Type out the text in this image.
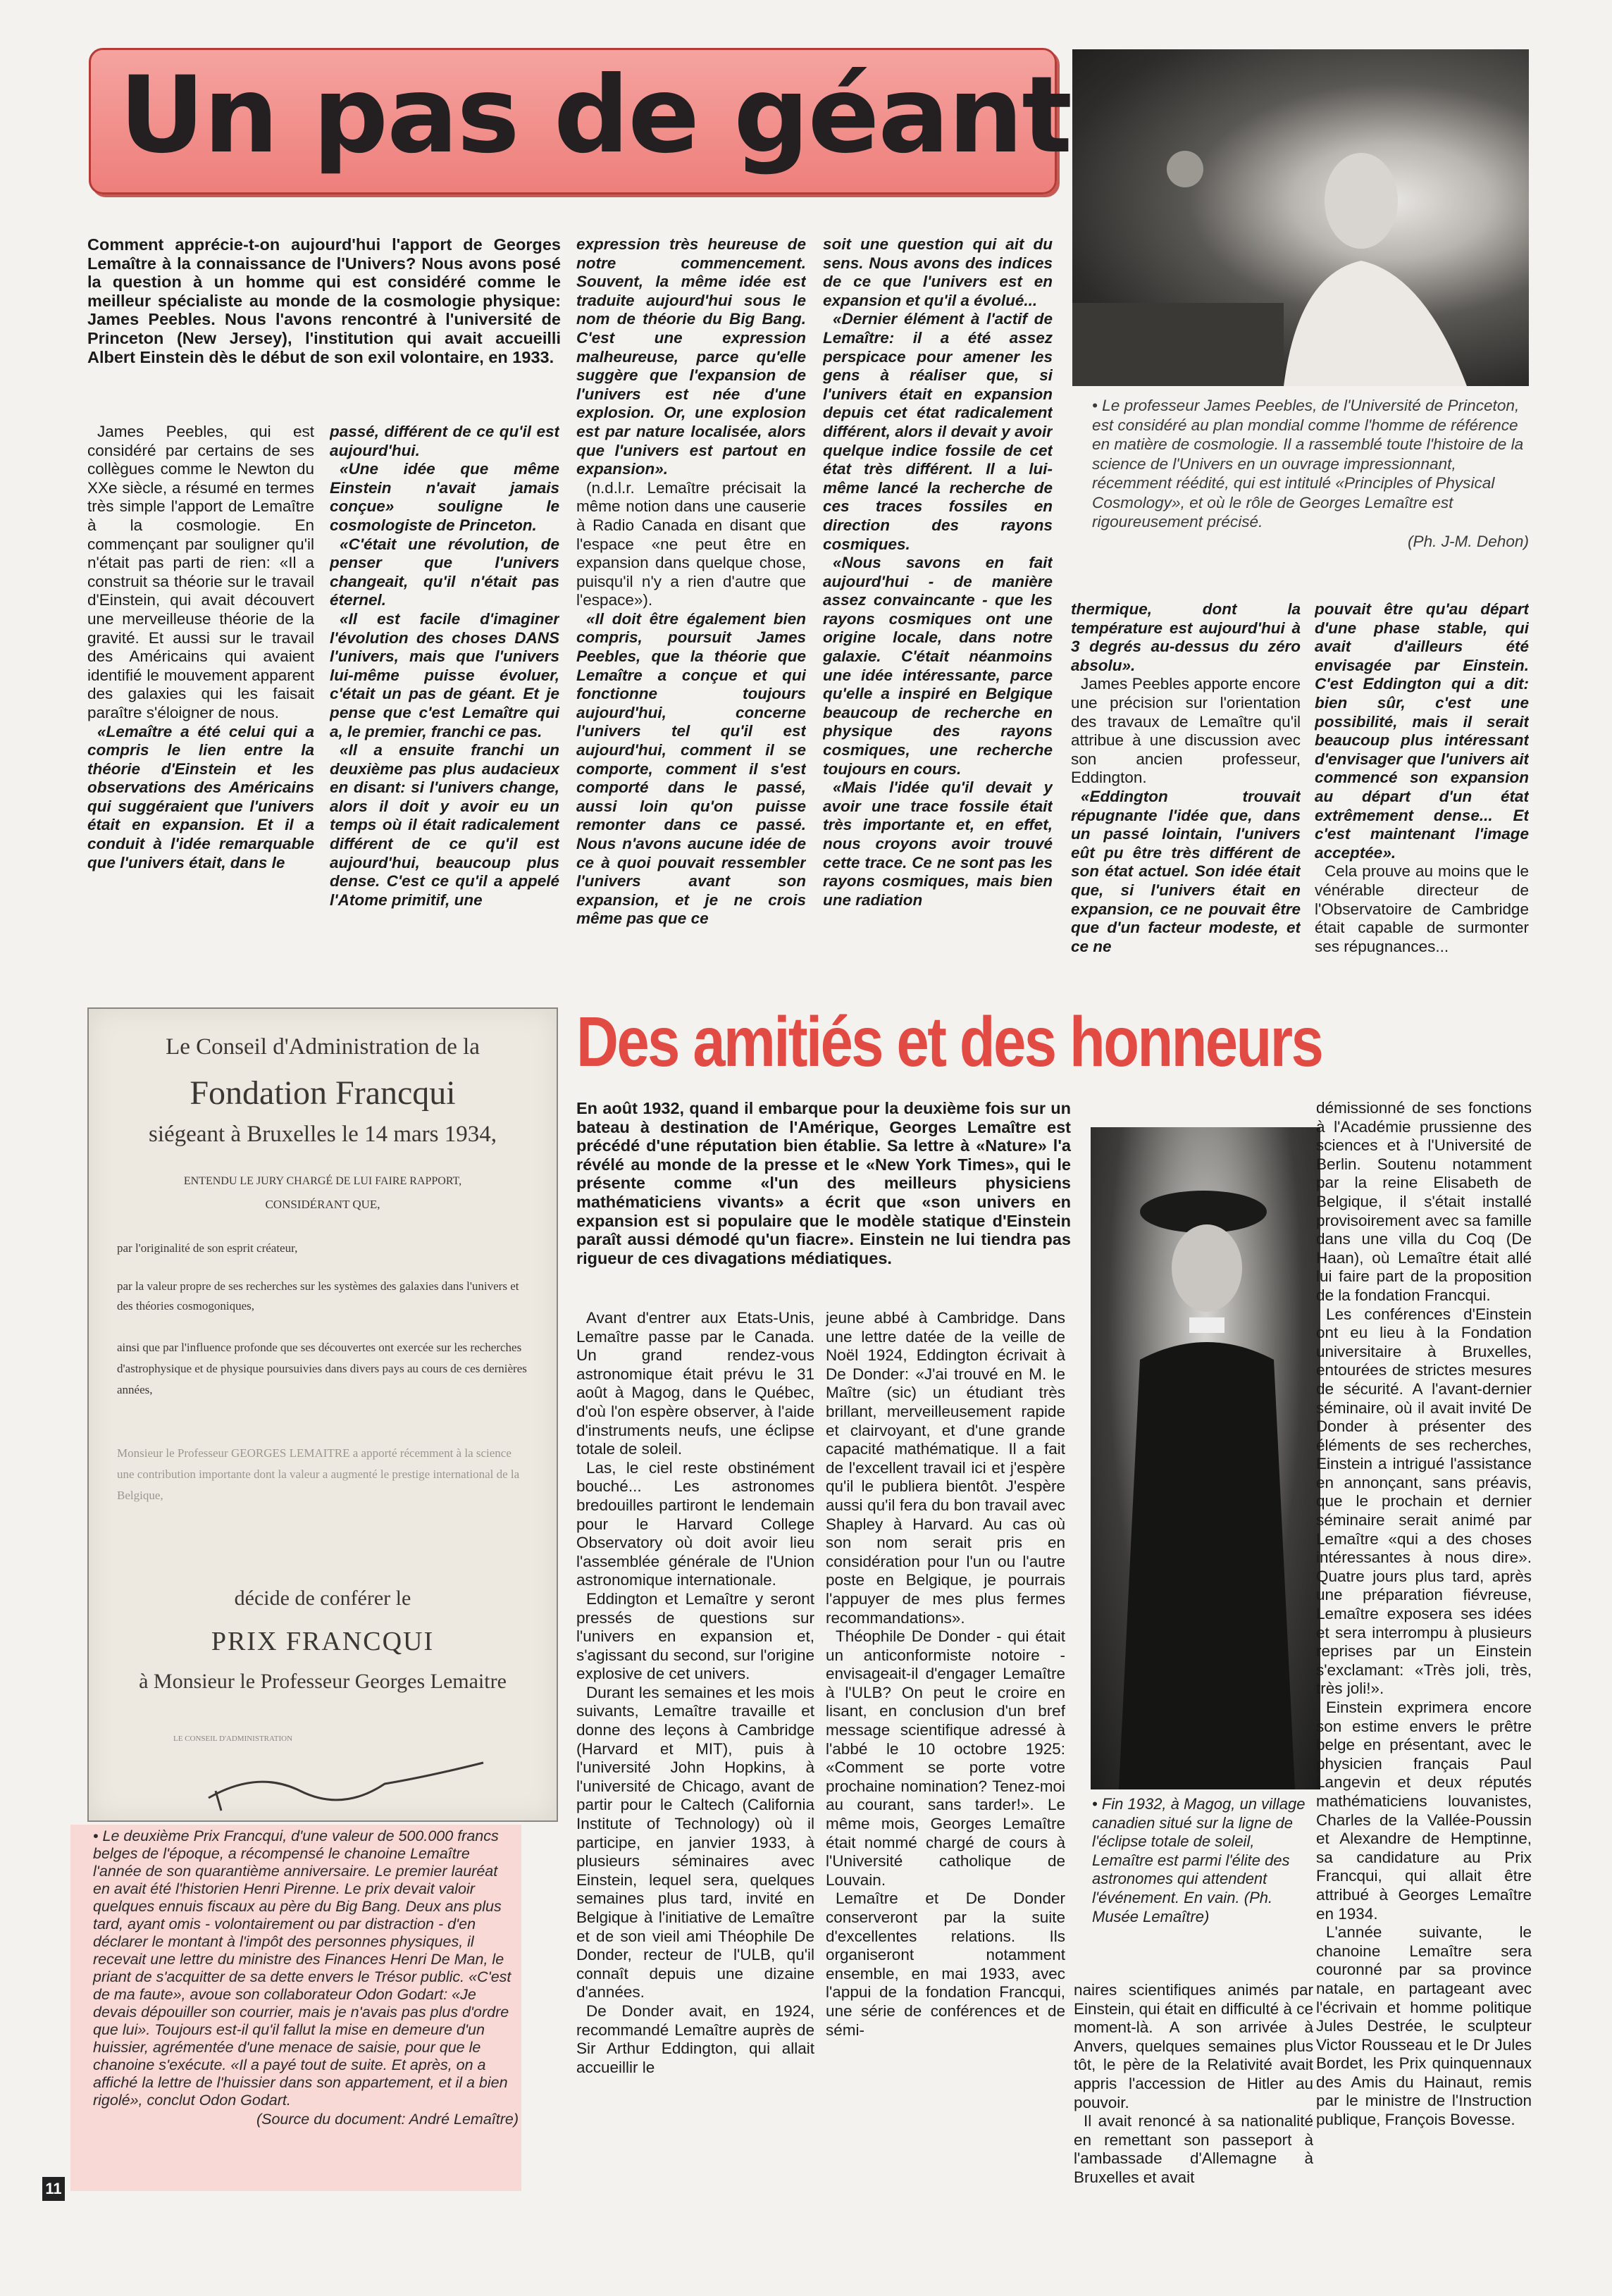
Un pas de géant
• Le professeur James Peebles, de l'Université de Princeton, est considéré au plan mondial comme l'homme de référence en matière de cosmologie. Il a rassemblé toute l'histoire de la science de l'Univers en un ouvrage impressionnant, récemment réédité, qui est intitulé «Principles of Physical Cosmology», et où le rôle de Georges Lemaître est rigoureusement précisé.
(Ph. J-M. Dehon)
Comment apprécie-t-on aujourd'hui l'apport de Georges Lemaître à la connaissance de l'Univers? Nous avons posé la question à un homme qui est considéré comme le meilleur spécialiste au monde de la cosmologie physique: James Peebles. Nous l'avons rencontré à l'université de Princeton (New Jersey), l'institution qui avait accueilli Albert Einstein dès le début de son exil volontaire, en 1933.

James Peebles, qui est considéré par certains de ses collègues comme le Newton du XXe siècle, a résumé en termes très simple l'apport de Lemaître à la cosmologie. En commençant par souligner qu'il n'était pas parti de rien: «Il a construit sa théorie sur le travail d'Einstein, qui avait découvert une merveilleuse théorie de la gravité. Et aussi sur le travail des Américains qui avaient identifié le mouvement apparent des galaxies qui les faisait paraître s'éloigner de nous.

«Lemaître a été celui qui a compris le lien entre la théorie d'Einstein et les observations des Américains qui suggéraient que l'univers était en expansion. Et il a conduit à l'idée remarquable que l'univers était, dans le

passé, différent de ce qu'il est aujourd'hui.

«Une idée que même Einstein n'avait jamais conçue» souligne le cosmologiste de Princeton.

«C'était une révolution, de penser que l'univers changeait, qu'il n'était pas éternel.

«Il est facile d'imaginer l'évolution des choses DANS l'univers, mais que l'univers lui-même puisse évoluer, c'était un pas de géant. Et je pense que c'est Lemaître qui a, le premier, franchi ce pas.

«Il a ensuite franchi un deuxième pas plus audacieux en disant: si l'univers change, alors il doit y avoir eu un temps où il était radicalement différent de ce qu'il est aujourd'hui, beaucoup plus dense. C'est ce qu'il a appelé l'Atome primitif, une

expression très heureuse de notre commencement. Souvent, la même idée est traduite aujourd'hui sous le nom de théorie du Big Bang. C'est une expression malheureuse, parce qu'elle suggère que l'expansion de l'univers est née d'une explosion. Or, une explosion est par nature localisée, alors que l'univers est partout en expansion».

(n.d.l.r. Lemaître précisait la même notion dans une causerie à Radio Canada en disant que l'espace «ne peut être en expansion dans quelque chose, puisqu'il n'y a rien d'autre que l'espace»).

«Il doit être également bien compris, poursuit James Peebles, que la théorie que Lemaître a conçue et qui fonctionne toujours aujourd'hui, concerne l'univers tel qu'il est aujourd'hui, comment il se comporte, comment il s'est comporté dans le passé, aussi loin qu'on puisse remonter dans ce passé. Nous n'avons aucune idée de ce à quoi pouvait ressembler l'univers avant son expansion, et je ne crois même pas que ce

soit une question qui ait du sens. Nous avons des indices de ce que l'univers est en expansion et qu'il a évolué...

«Dernier élément à l'actif de Lemaître: il a été assez perspicace pour amener les gens à réaliser que, si l'univers était en expansion depuis cet état radicalement différent, alors il devait y avoir quelque indice fossile de cet état très différent. Il a lui-même lancé la recherche de ces traces fossiles en direction des rayons cosmiques.

«Nous savons en fait aujourd'hui - de manière assez convaincante - que les rayons cosmiques ont une origine locale, dans notre galaxie. C'était néanmoins une idée intéressante, parce qu'elle a inspiré en Belgique beaucoup de recherche en physique des rayons cosmiques, une recherche toujours en cours.

«Mais l'idée qu'il devait y avoir une trace fossile était très importante et, en effet, nous croyons avoir trouvé cette trace. Ce ne sont pas les rayons cosmiques, mais bien une radiation

thermique, dont la température est aujourd'hui à 3 degrés au-dessus du zéro absolu».

James Peebles apporte encore une précision sur l'orientation des travaux de Lemaître qu'il attribue à une discussion avec son ancien professeur, Eddington.

«Eddington trouvait répugnante l'idée que, dans un passé lointain, l'univers eût pu être très différent de son état actuel. Son idée était que, si l'univers était en expansion, ce ne pouvait être que d'un facteur modeste, et ce ne

pouvait être qu'au départ d'une phase stable, qui avait d'ailleurs été envisagée par Einstein. C'est Eddington qui a dit: bien sûr, c'est une possibilité, mais il serait beaucoup plus intéressant d'envisager que l'univers ait commencé son expansion au départ d'un état extrêmement dense... Et c'est maintenant l'image acceptée».

Cela prouve au moins que le vénérable directeur de l'Observatoire de Cambridge était capable de surmonter ses répugnances...

Le Conseil d'Administration de la
Fondation Francqui
siégeant à Bruxelles le 14 mars 1934,
ENTENDU LE JURY CHARGÉ DE LUI FAIRE RAPPORT,
CONSIDÉRANT QUE,
par l'originalité de son esprit créateur,
par la valeur propre de ses recherches sur les systèmes des galaxies dans l'univers et des théories cosmogoniques,
ainsi que par l'influence profonde que ses découvertes ont exercée sur les recherches d'astrophysique et de physique poursuivies dans divers pays au cours de ces dernières années,
Monsieur le Professeur GEORGES LEMAITRE a apporté récemment à la science une contribution importante dont la valeur a augmenté le prestige international de la Belgique,
décide de conférer le
PRIX FRANCQUI
à Monsieur le Professeur Georges Lemaitre
LE CONSEIL D'ADMINISTRATION
• Le deuxième Prix Francqui, d'une valeur de 500.000 francs belges de l'époque, a récompensé le chanoine Lemaître l'année de son quarantième anniversaire. Le premier lauréat en avait été l'historien Henri Pirenne. Le prix devait valoir quelques ennuis fiscaux au père du Big Bang. Deux ans plus tard, ayant omis - volontairement ou par distraction - d'en déclarer le montant à l'impôt des personnes physiques, il recevait une lettre du ministre des Finances Henri De Man, le priant de s'acquitter de sa dette envers le Trésor public. «C'est de ma faute», avoue son collaborateur Odon Godart: «Je devais dépouiller son courrier, mais je n'avais pas plus d'ordre que lui». Toujours est-il qu'il fallut la mise en demeure d'un huissier, agrémentée d'une menace de saisie, pour que le chanoine s'exécute. «Il a payé tout de suite. Et après, on a affiché la lettre de l'huissier dans son appartement, et il a bien rigolé», conclut Odon Godart.
(Source du document: André Lemaître)
Des amitiés et des honneurs
En août 1932, quand il embarque pour la deuxième fois sur un bateau à destination de l'Amérique, Georges Lemaître est précédé d'une réputation bien établie. Sa lettre à «Nature» l'a révélé au monde de la presse et le «New York Times», qui le présente comme «l'un des meilleurs physiciens mathématiciens vivants» a écrit que «son univers en expansion est si populaire que le modèle statique d'Einstein paraît aussi démodé qu'un fiacre». Einstein ne lui tiendra pas rigueur de ces divagations médiatiques.

Avant d'entrer aux Etats-Unis, Lemaître passe par le Canada. Un grand rendez-vous astronomique était prévu le 31 août à Magog, dans le Québec, d'où l'on espère observer, à l'aide d'instruments neufs, une éclipse totale de soleil.

Las, le ciel reste obstinément bouché... Les astronomes bredouilles partiront le lendemain pour le Harvard College Observatory où doit avoir lieu l'assemblée générale de l'Union astronomique internationale.

Eddington et Lemaître y seront pressés de questions sur l'univers en expansion et, s'agissant du second, sur l'origine explosive de cet univers.

Durant les semaines et les mois suivants, Lemaître travaille et donne des leçons à Cambridge (Harvard et MIT), puis à l'université John Hopkins, à l'université de Chicago, avant de partir pour le Caltech (California Institute of Technology) où il participe, en janvier 1933, à plusieurs séminaires avec Einstein, lequel sera, quelques semaines plus tard, invité en Belgique à l'initiative de Lemaître et de son vieil ami Théophile De Donder, recteur de l'ULB, qu'il connaît depuis une dizaine d'années.

De Donder avait, en 1924, recommandé Lemaître auprès de Sir Arthur Eddington, qui allait accueillir le

jeune abbé à Cambridge. Dans une lettre datée de la veille de Noël 1924, Eddington écrivait à De Donder: «J'ai trouvé en M. le Maître (sic) un étudiant très brillant, merveilleusement rapide et clairvoyant, et d'une grande capacité mathématique. Il a fait de l'excellent travail ici et j'espère qu'il le publiera bientôt. J'espère aussi qu'il fera du bon travail avec Shapley à Harvard. Au cas où son nom serait pris en considération pour l'un ou l'autre poste en Belgique, je pourrais l'appuyer de mes plus fermes recommandations».

Théophile De Donder - qui était un anticonformiste notoire - envisageait-il d'engager Lemaître à l'ULB? On peut le croire en lisant, en conclusion d'un bref message scientifique adressé à l'abbé le 10 octobre 1925: «Comment se porte votre prochaine nomination? Tenez-moi au courant, sans tarder!». Le même mois, Georges Lemaître était nommé chargé de cours à l'Université catholique de Louvain.

Lemaître et De Donder conserveront par la suite d'excellentes relations. Ils organiseront notamment ensemble, en mai 1933, avec l'appui de la fondation Francqui, une série de conférences et de sémi-

• Fin 1932, à Magog, un village canadien situé sur la ligne de l'éclipse totale de soleil, Lemaître est parmi l'élite des astronomes qui attendent l'événement. En vain. (Ph. Musée Lemaître)

naires scientifiques animés par Einstein, qui était en difficulté à ce moment-là. A son arrivée à Anvers, quelques semaines plus tôt, le père de la Relativité avait appris l'accession de Hitler au pouvoir.

Il avait renoncé à sa nationalité en remettant son passeport à l'ambassade d'Allemagne à Bruxelles et avait

démissionné de ses fonctions à l'Académie prussienne des sciences et à l'Université de Berlin. Soutenu notamment par la reine Elisabeth de Belgique, il s'était installé provisoirement avec sa famille dans une villa du Coq (De Haan), où Lemaître était allé lui faire part de la proposition de la fondation Francqui.

Les conférences d'Einstein ont eu lieu à la Fondation universitaire à Bruxelles, entourées de strictes mesures de sécurité. A l'avant-dernier séminaire, où il avait invité De Donder à présenter des éléments de ses recherches, Einstein a intrigué l'assistance en annonçant, sans préavis, que le prochain et dernier séminaire serait animé par Lemaître «qui a des choses intéressantes à nous dire». Quatre jours plus tard, après une préparation fiévreuse, Lemaître exposera ses idées et sera interrompu à plusieurs reprises par un Einstein s'exclamant: «Très joli, très, très joli!».

Einstein exprimera encore son estime envers le prêtre belge en présentant, avec le physicien français Paul Langevin et deux réputés mathématiciens louvanistes, Charles de la Vallée-Poussin et Alexandre de Hemptinne, sa candidature au Prix Francqui, qui allait être attribué à Georges Lemaître en 1934.

L'année suivante, le chanoine Lemaître sera couronné par sa province natale, en partageant avec l'écrivain et homme politique Jules Destrée, le sculpteur Victor Rousseau et le Dr Jules Bordet, les Prix quinquennaux des Amis du Hainaut, remis par le ministre de l'Instruction publique, François Bovesse.

11
